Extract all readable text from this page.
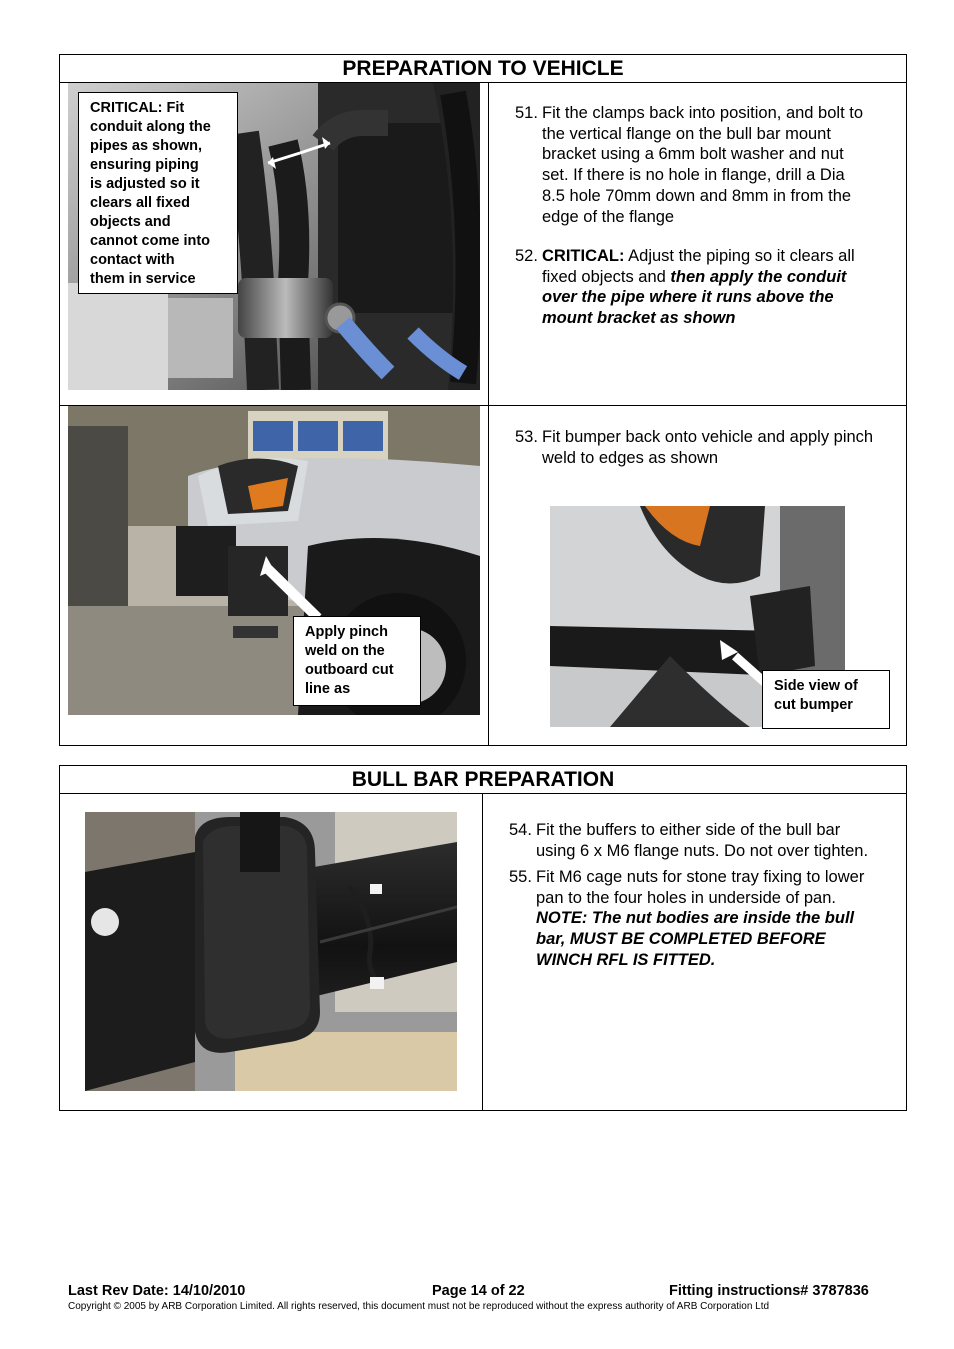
PREPARATION TO VEHICLE
CRITICAL: Fit
conduit along the
pipes as shown,
ensuring piping
is adjusted so it
clears all fixed
objects and
cannot come into
contact with
them in service
51. Fit the clamps back into position, and bolt to
the vertical flange on the bull bar mount
bracket using a 6mm bolt washer and nut
set. If there is no hole in flange, drill a Dia
8.5 hole 70mm down and 8mm in from the
edge of the flange
52. CRITICAL: Adjust the piping so it clears all
fixed objects and then apply the conduit
over the pipe where it runs above the
mount bracket as shown
Apply pinch
weld on the
outboard cut
line as
53. Fit bumper back onto vehicle and apply pinch
weld to edges as shown
Side view of
cut bumper
BULL BAR PREPARATION
54. Fit the buffers to either side of the bull bar
using 6 x M6 flange nuts. Do not over tighten.
55. Fit M6 cage nuts for stone tray fixing to lower
pan to the four holes in underside of pan.
NOTE: The nut bodies are inside the bull
bar, MUST BE COMPLETED BEFORE
WINCH RFL IS FITTED.
Last Rev Date: 14/10/2010	Page 14 of 22	Fitting instructions# 3787836
Copyright © 2005 by ARB Corporation Limited. All rights reserved, this document must not be reproduced without the express authority of ARB Corporation Ltd
